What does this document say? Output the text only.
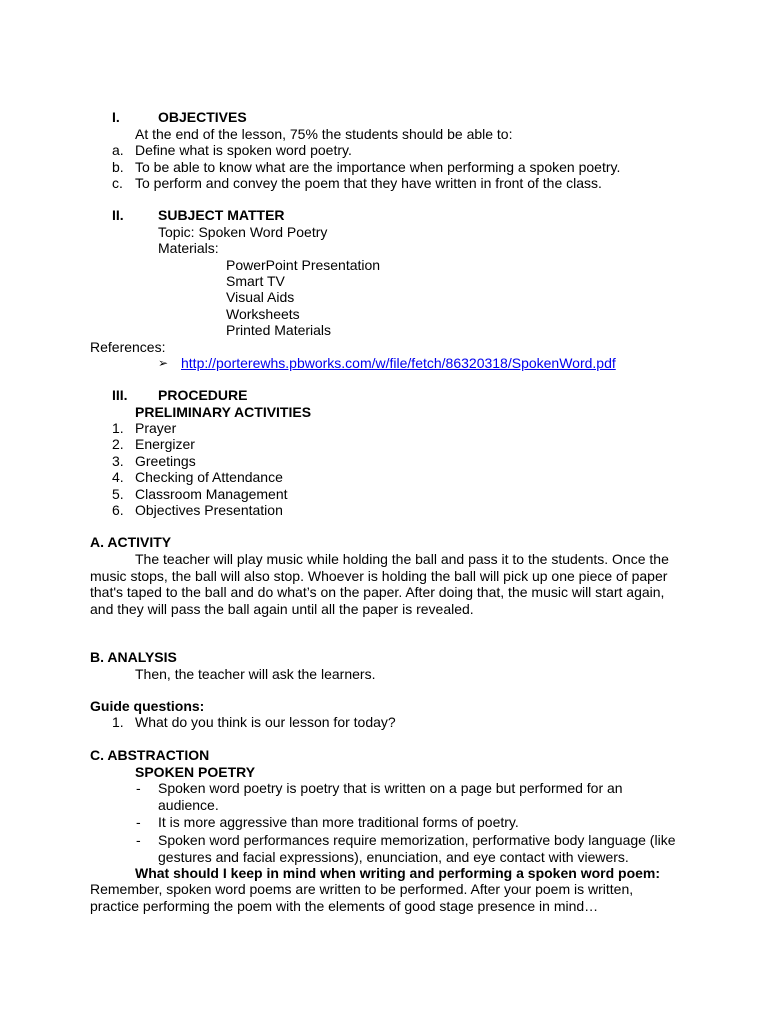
I.	OBJECTIVES
At the end of the lesson, 75% the students should be able to:
a. Define what is spoken word poetry.
b. To be able to know what are the importance when performing a spoken poetry.
c. To perform and convey the poem that they have written in front of the class.
II. SUBJECT MATTER
Topic: Spoken Word Poetry
Materials:
PowerPoint Presentation
Smart TV
Visual Aids
Worksheets
Printed Materials
References:
➢ http://porterewhs.pbworks.com/w/file/fetch/86320318/SpokenWord.pdf
III. PROCEDURE
PRELIMINARY ACTIVITIES
1. Prayer
2. Energizer
3. Greetings
4. Checking of Attendance
5. Classroom Management
6. Objectives Presentation
A. ACTIVITY
The teacher will play music while holding the ball and pass it to the students. Once the
music stops, the ball will also stop. Whoever is holding the ball will pick up one piece of paper
that's taped to the ball and do what’s on the paper. After doing that, the music will start again,
and they will pass the ball again until all the paper is revealed.
B. ANALYSIS
Then, the teacher will ask the learners.
Guide questions:
1. What do you think is our lesson for today?
C. ABSTRACTION
SPOKEN POETRY
- Spoken word poetry is poetry that is written on a page but performed for an
audience.
- It is more aggressive than more traditional forms of poetry.
- Spoken word performances require memorization, performative body language (like
gestures and facial expressions), enunciation, and eye contact with viewers.
What should I keep in mind when writing and performing a spoken word poem:
Remember, spoken word poems are written to be performed. After your poem is written,
practice performing the poem with the elements of good stage presence in mind…
